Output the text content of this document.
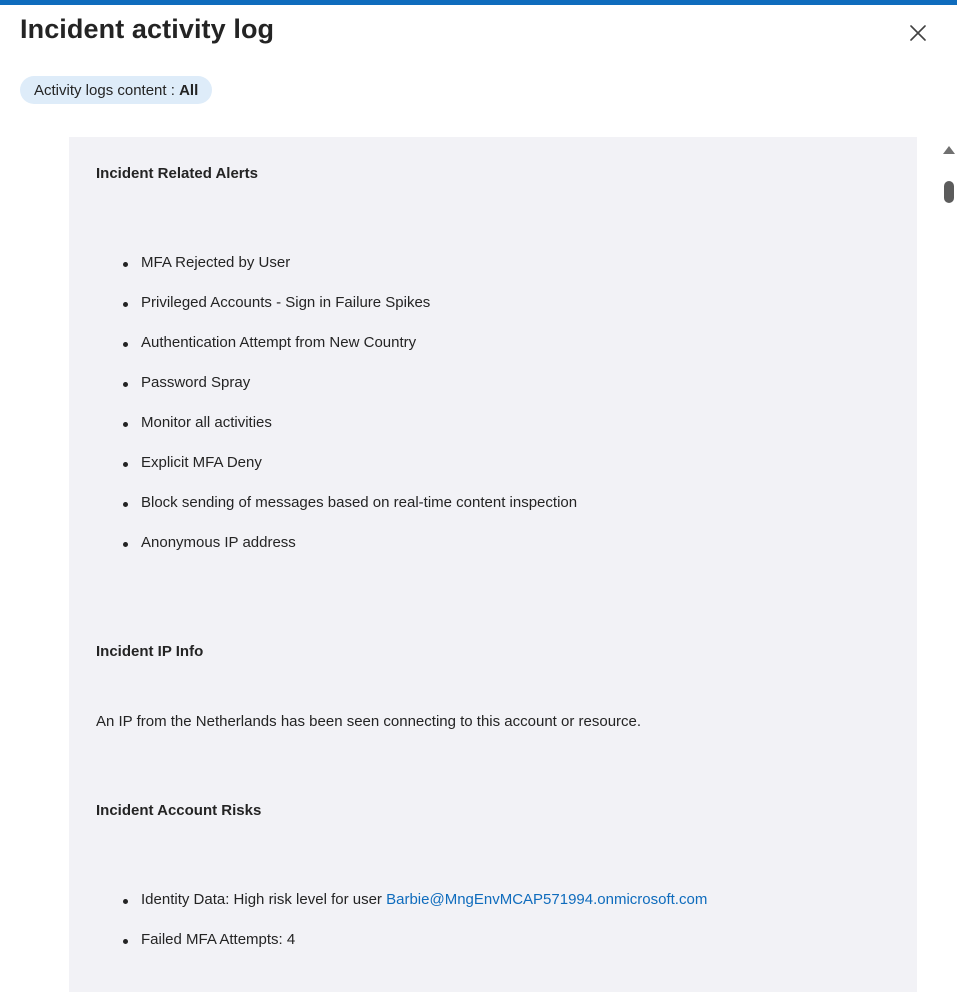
Incident activity log
Activity logs content : All
Incident Related Alerts
MFA Rejected by User
Privileged Accounts - Sign in Failure Spikes
Authentication Attempt from New Country
Password Spray
Monitor all activities
Explicit MFA Deny
Block sending of messages based on real-time content inspection
Anonymous IP address
Incident IP Info
An IP from the Netherlands has been seen connecting to this account or resource.
Incident Account Risks
Identity Data: High risk level for user Barbie@MngEnvMCAP571994.onmicrosoft.com
Failed MFA Attempts: 4
